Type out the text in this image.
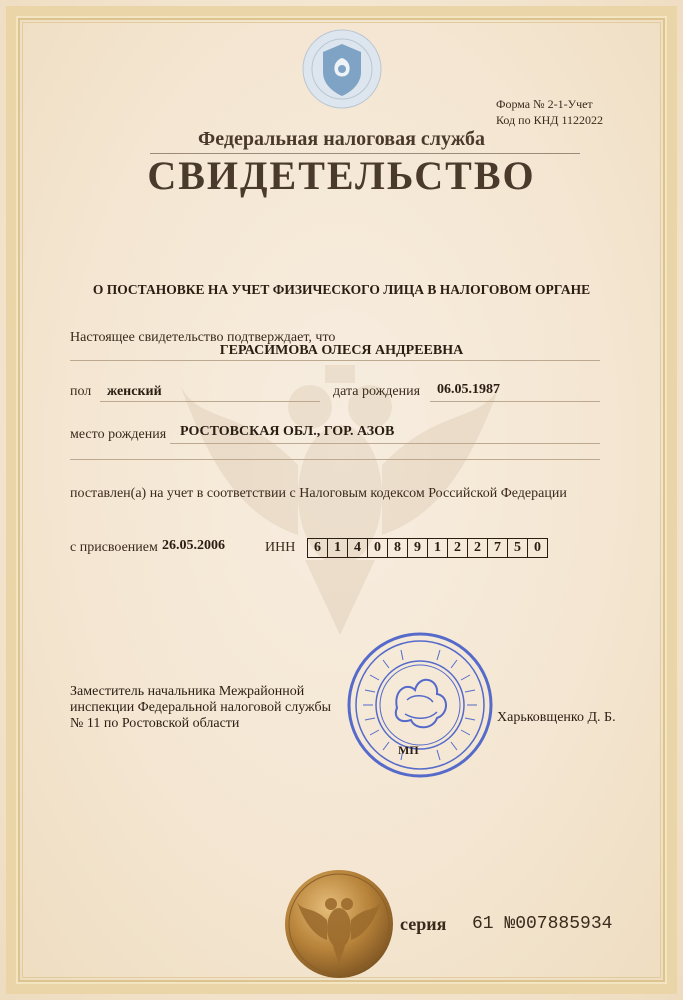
Форма № 2-1-Учет
Код по КНД 1122022
Федеральная налоговая служба
СВИДЕТЕЛЬСТВО
О ПОСТАНОВКЕ НА УЧЕТ ФИЗИЧЕСКОГО ЛИЦА В НАЛОГОВОМ ОРГАНЕ
Настоящее свидетельство подтверждает, что
ГЕРАСИМОВА ОЛЕСЯ АНДРЕЕВНА
пол женский	дата рождения 06.05.1987
место рождения РОСТОВСКАЯ ОБЛ., ГОР. АЗОВ
поставлен(а) на учет в соответствии с Налоговым кодексом Российской Федерации
с присвоением 26.05.2006	ИНН	6 1 4 0 8 9 1 2 2 7 5 0
Заместитель начальника Межрайонной инспекции Федеральной налоговой службы № 11 по Ростовской области
МП
Харьковщенко Д. Б.
серия 61 №007885934
